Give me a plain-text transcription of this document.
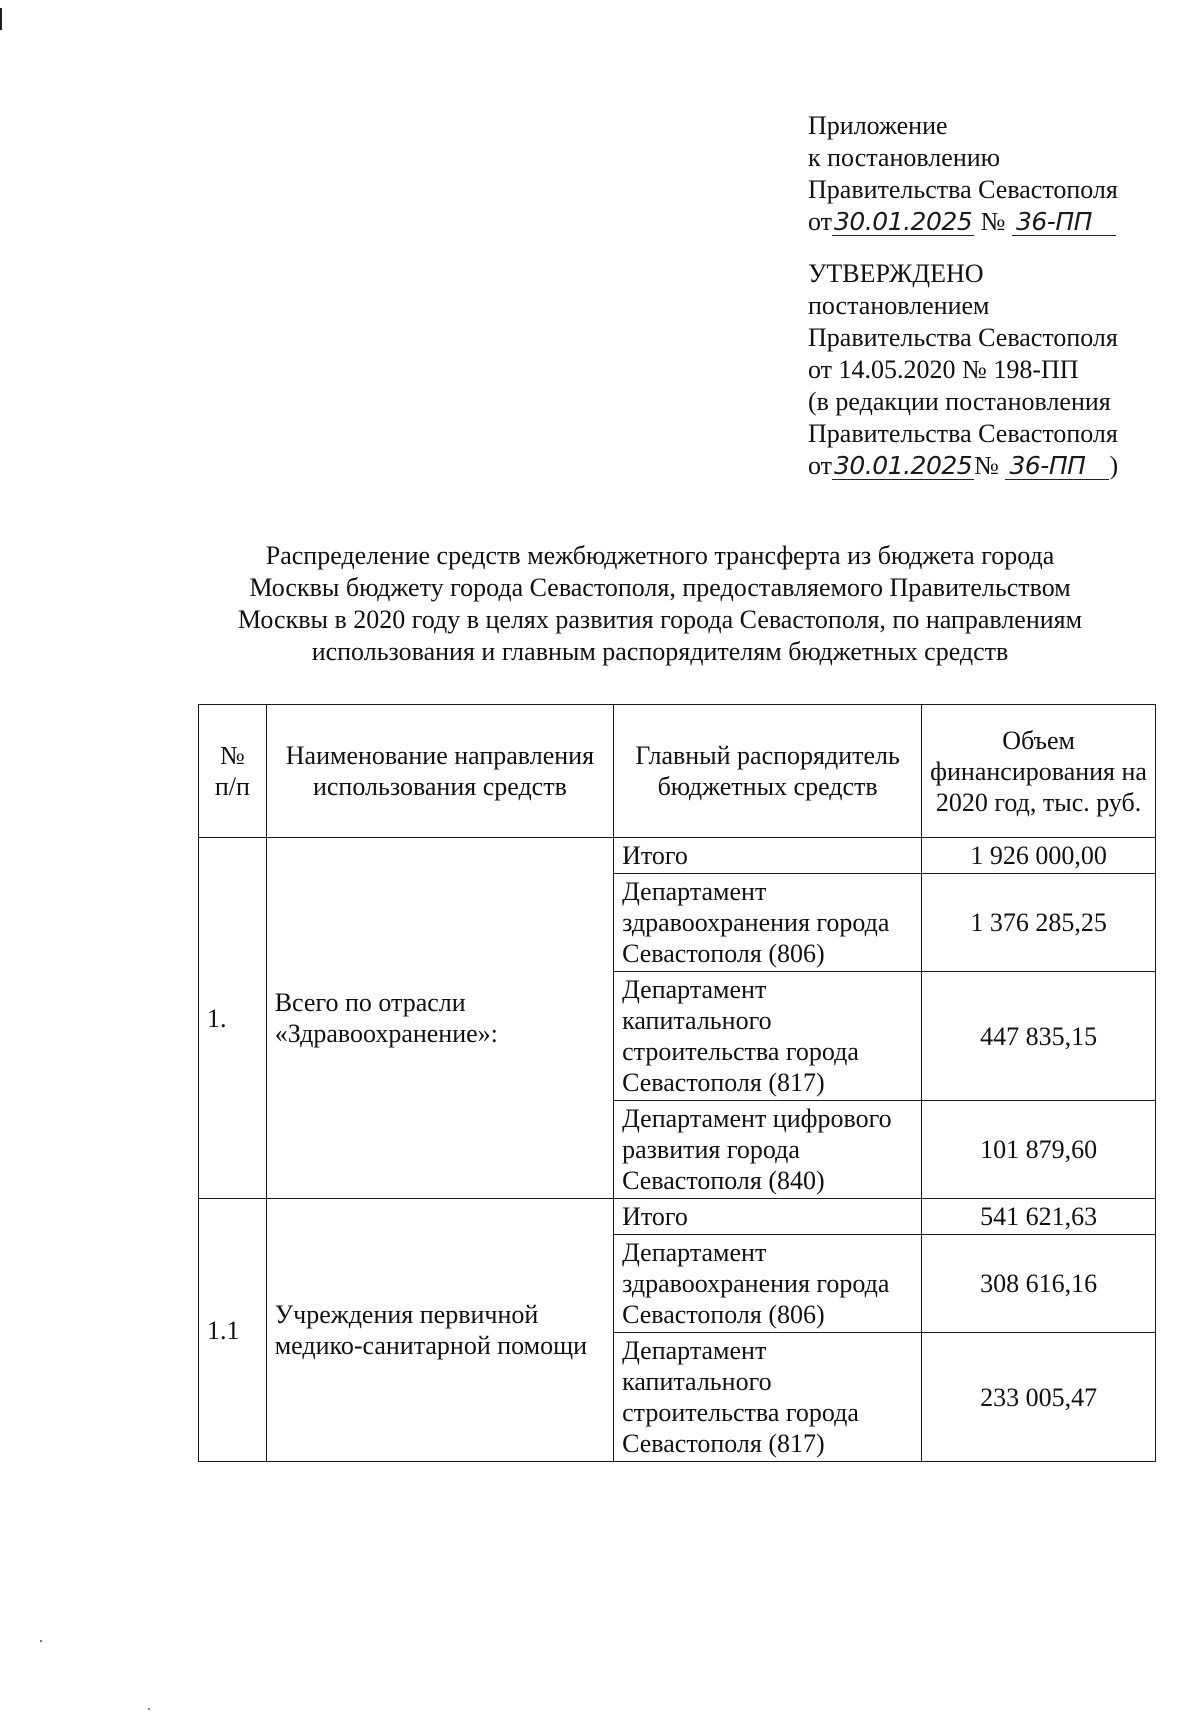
Приложение
к постановлению
Правительства Севастополя
от30.01.2025 № 36-ПП
УТВЕРЖДЕНО
постановлением
Правительства Севастополя
от 14.05.2020 № 198-ПП
(в редакции постановления
Правительства Севастополя
от30.01.2025№ 36-ПП )
Распределение средств межбюджетного трансферта из бюджета города
Москвы бюджету города Севастополя, предоставляемого Правительством
Москвы в 2020 году в целях развития города Севастополя, по направлениям
использования и главным распорядителям бюджетных средств
№ п/п	Наименование направления использования средств	Главный распорядитель бюджетных средств	Объем финансирования на 2020 год, тыс. руб.
1.	Всего по отрасли «Здравоохранение»:	Итого	1 926 000,00
		Департамент здравоохранения города Севастополя (806)	1 376 285,25
		Департамент капитального строительства города Севастополя (817)	447 835,15
		Департамент цифрового развития города Севастополя (840)	101 879,60
1.1	Учреждения первичной медико-санитарной помощи	Итого	541 621,63
		Департамент здравоохранения города Севастополя (806)	308 616,16
		Департамент капитального строительства города Севастополя (817)	233 005,47
